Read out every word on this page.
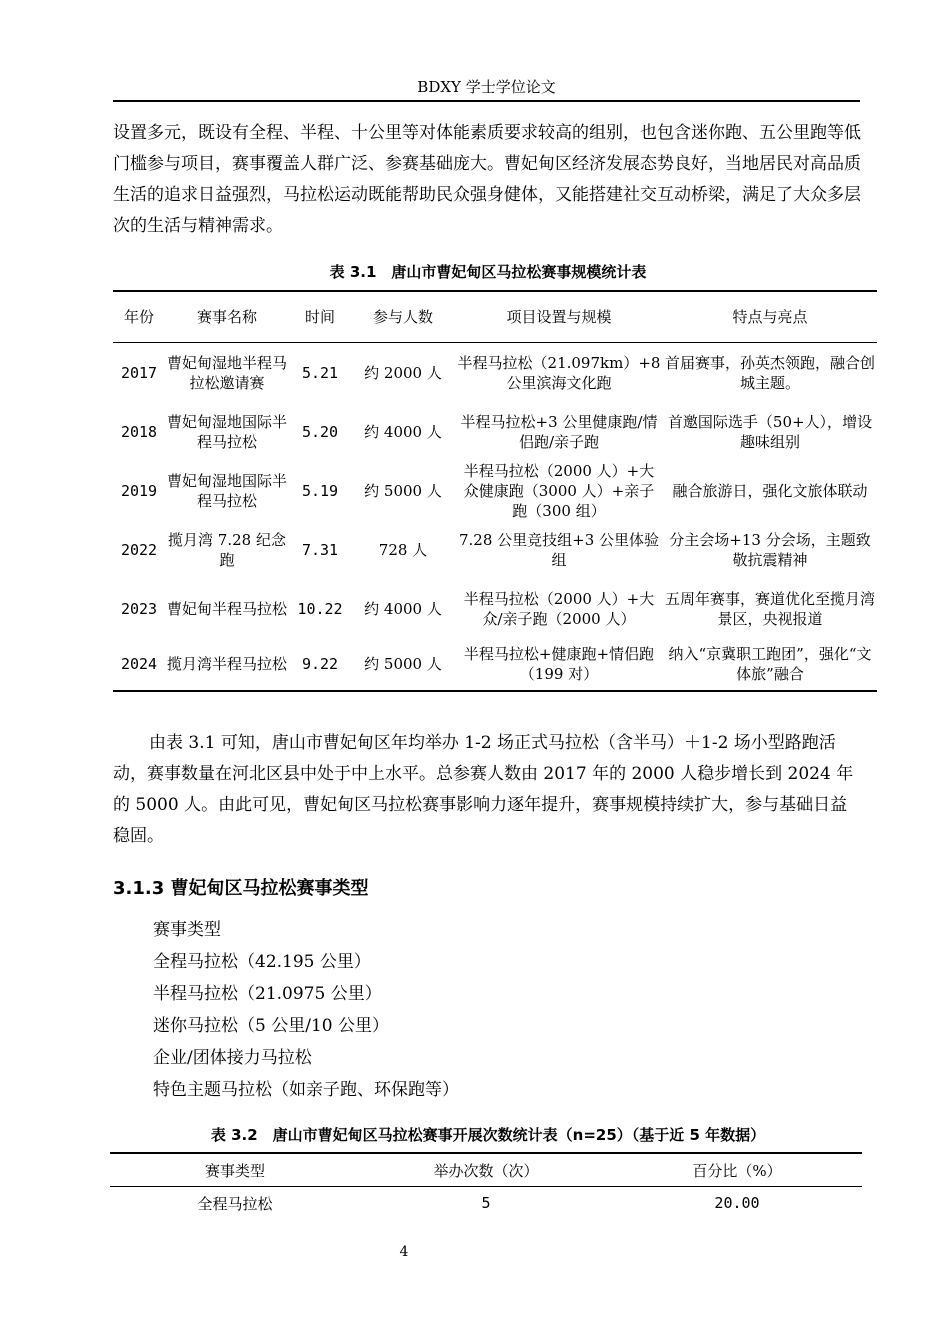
BDXY 学士学位论文
设置多元，既设有全程、半程、十公里等对体能素质要求较高的组别，也包含迷你跑、五公里跑等低门槛参与项目，赛事覆盖人群广泛、参赛基础庞大。曹妃甸区经济发展态势良好，当地居民对高品质生活的追求日益强烈，马拉松运动既能帮助民众强身健体，又能搭建社交互动桥梁，满足了大众多层次的生活与精神需求。
表 3.1　唐山市曹妃甸区马拉松赛事规模统计表
年份	赛事名称	时间	参与人数	项目设置与规模	特点与亮点
2017	曹妃甸湿地半程马拉松邀请赛	5.21	约 2000 人	半程马拉松（21.097km）+8 公里滨海文化跑	首届赛事，孙英杰领跑，融合创城主题。
2018	曹妃甸湿地国际半程马拉松	5.20	约 4000 人	半程马拉松+3 公里健康跑/情侣跑/亲子跑	首邀国际选手（50+人），增设趣味组别
2019	曹妃甸湿地国际半程马拉松	5.19	约 5000 人	半程马拉松（2000 人）+大众健康跑（3000 人）+亲子跑（300 组）	融合旅游日，强化文旅体联动
2022	揽月湾 7.28 纪念跑	7.31	728 人	7.28 公里竞技组+3 公里体验组	分主会场+13 分会场，主题致敬抗震精神
2023	曹妃甸半程马拉松	10.22	约 4000 人	半程马拉松（2000 人）+大众/亲子跑（2000 人）	五周年赛事，赛道优化至揽月湾景区，央视报道
2024	揽月湾半程马拉松	9.22	约 5000 人	半程马拉松+健康跑+情侣跑（199 对）	纳入“京冀职工跑团”，强化“文体旅”融合
由表 3.1 可知，唐山市曹妃甸区年均举办 1-2 场正式马拉松（含半马）＋1-2 场小型路跑活动，赛事数量在河北区县中处于中上水平。总参赛人数由 2017 年的 2000 人稳步增长到 2024 年的 5000 人。由此可见，曹妃甸区马拉松赛事影响力逐年提升，赛事规模持续扩大，参与基础日益稳固。
3.1.3 曹妃甸区马拉松赛事类型
赛事类型
全程马拉松（42.195 公里）
半程马拉松（21.0975 公里）
迷你马拉松（5 公里/10 公里）
企业/团体接力马拉松
特色主题马拉松（如亲子跑、环保跑等）
表 3.2　唐山市曹妃甸区马拉松赛事开展次数统计表（n=25）（基于近 5 年数据）
赛事类型	举办次数（次）	百分比（%）
全程马拉松	5	20.00
4
